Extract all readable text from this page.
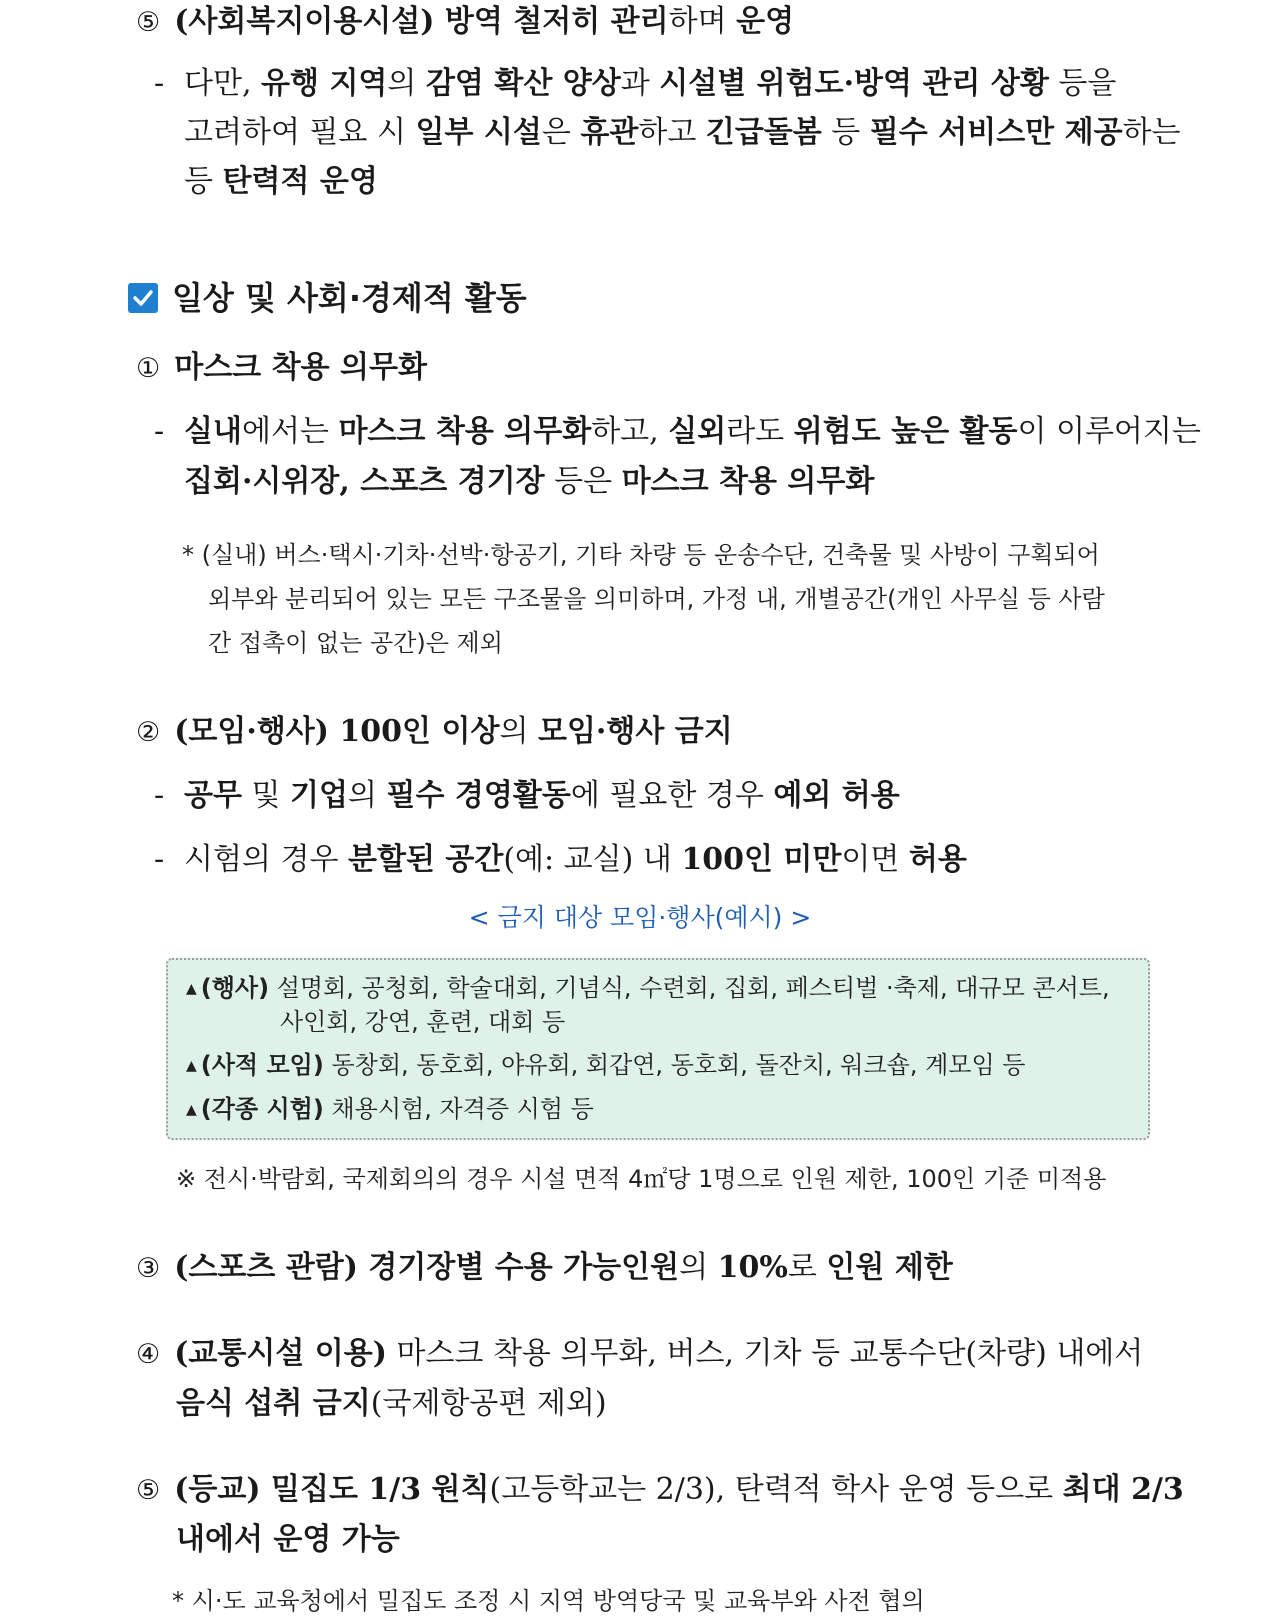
⑤ (사회복지이용시설) 방역 철저히 관리하며 운영
- 다만, 유행 지역의 감염 확산 양상과 시설별 위험도·방역 관리 상황 등을
고려하여 필요 시 일부 시설은 휴관하고 긴급돌봄 등 필수 서비스만 제공하는
등 탄력적 운영
일상 및 사회·경제적 활동
① 마스크 착용 의무화
- 실내에서는 마스크 착용 의무화하고, 실외라도 위험도 높은 활동이 이루어지는
집회·시위장, 스포츠 경기장 등은 마스크 착용 의무화
* (실내) 버스·택시·기차·선박·항공기, 기타 차량 등 운송수단, 건축물 및 사방이 구획되어
외부와 분리되어 있는 모든 구조물을 의미하며, 가정 내, 개별공간(개인 사무실 등 사람
간 접촉이 없는 공간)은 제외
② (모임·행사) 100인 이상의 모임·행사 금지
- 공무 및 기업의 필수 경영활동에 필요한 경우 예외 허용
- 시험의 경우 분할된 공간(예: 교실) 내 100인 미만이면 허용
< 금지 대상 모임·행사(예시) >
▲ (행사) 설명회, 공청회, 학술대회, 기념식, 수련회, 집회, 페스티벌 ·축제, 대규모 콘서트,
사인회, 강연, 훈련, 대회 등
▲ (사적 모임) 동창회, 동호회, 야유회, 회갑연, 동호회, 돌잔치, 워크숍, 계모임 등
▲ (각종 시험) 채용시험, 자격증 시험 등
※ 전시·박람회, 국제회의의 경우 시설 면적 4㎡당 1명으로 인원 제한, 100인 기준 미적용
③ (스포츠 관람) 경기장별 수용 가능인원의 10%로 인원 제한
④ (교통시설 이용) 마스크 착용 의무화, 버스, 기차 등 교통수단(차량) 내에서
음식 섭취 금지(국제항공편 제외)
⑤ (등교) 밀집도 1/3 원칙(고등학교는 2/3), 탄력적 학사 운영 등으로 최대 2/3
내에서 운영 가능
* 시·도 교육청에서 밀집도 조정 시 지역 방역당국 및 교육부와 사전 협의
